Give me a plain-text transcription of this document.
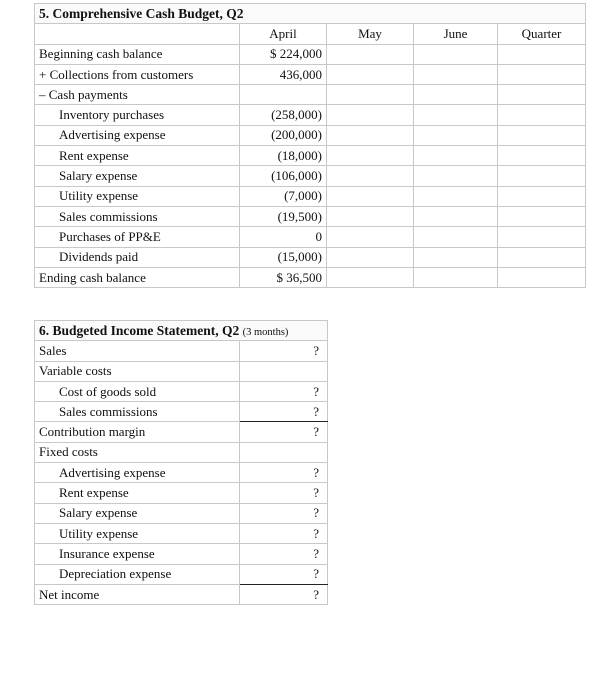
5. Comprehensive Cash Budget, Q2				
	April	May	June	Quarter
Beginning cash balance	$ 224,000			
+ Collections from customers	436,000			
– Cash payments				
Inventory purchases	(258,000)			
Advertising expense	(200,000)			
Rent expense	(18,000)			
Salary expense	(106,000)			
Utility expense	(7,000)			
Sales commissions	(19,500)			
Purchases of PP&E	0			
Dividends paid	(15,000)			
Ending cash balance	$ 36,500			
6. Budgeted Income Statement, Q2 (3 months)	
Sales	?
Variable costs	
Cost of goods sold	?
Sales commissions	?
Contribution margin	?
Fixed costs	
Advertising expense	?
Rent expense	?
Salary expense	?
Utility expense	?
Insurance expense	?
Depreciation expense	?
Net income	?
